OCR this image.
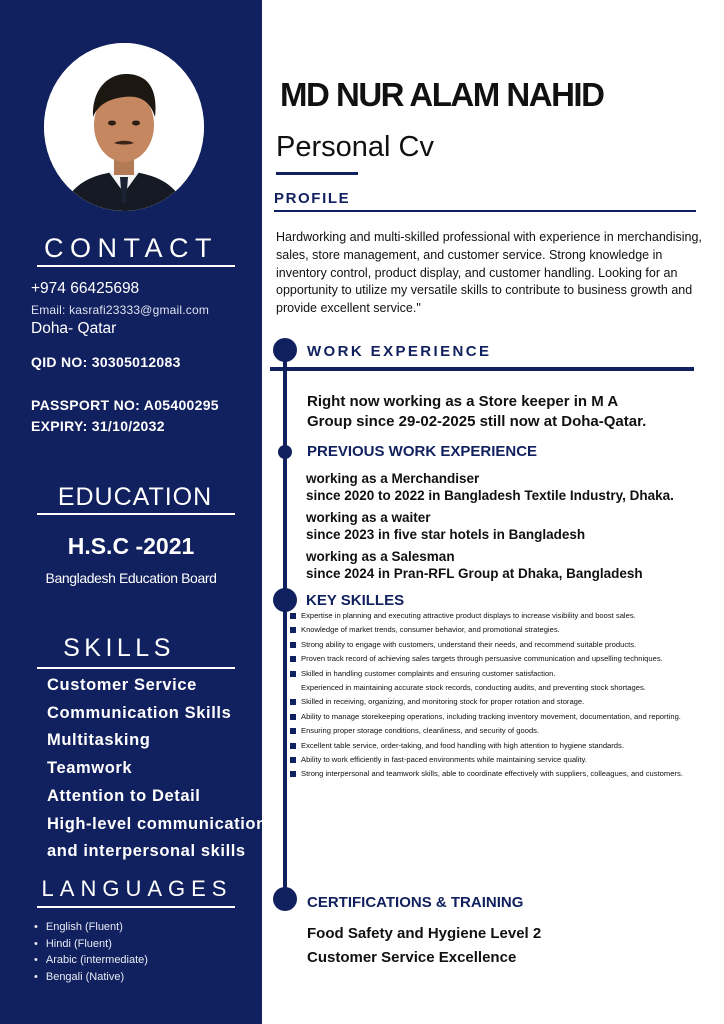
CONTACT
+974 66425698
Email: kasrafi23333@gmail.com
Doha- Qatar
QID NO: 30305012083
PASSPORT NO: A05400295
EXPIRY: 31/10/2032
EDUCATION
H.S.C -2021
Bangladesh Education Board
SKILLS
Customer Service
Communication Skills
Multitasking
Teamwork
Attention to Detail
High-level communication
and interpersonal skills
LANGUAGES
• English (Fluent)
• Hindi (Fluent)
• Arabic (intermediate)
• Bengali (Native)
MD NUR ALAM NAHID
Personal Cv
PROFILE
Hardworking and multi-skilled professional with experience in merchandising, sales, store management, and customer service. Strong knowledge in inventory control, product display, and customer handling. Looking for an opportunity to utilize my versatile skills to contribute to business growth and provide excellent service."
WORK EXPERIENCE
Right now working as a Store keeper in M A
Group since 29-02-2025 still now at Doha-Qatar.
PREVIOUS WORK EXPERIENCE
working as a Merchandiser
since 2020 to 2022 in Bangladesh Textile Industry, Dhaka.
working as a waiter
since 2023 in five star hotels in Bangladesh
working as a Salesman
since 2024 in Pran-RFL Group at Dhaka, Bangladesh
KEY SKILLES
Expertise in planning and executing attractive product displays to increase visibility and boost sales.
Knowledge of market trends, consumer behavior, and promotional strategies.
Strong ability to engage with customers, understand their needs, and recommend suitable products.
Proven track record of achieving sales targets through persuasive communication and upselling techniques.
Skilled in handling customer complaints and ensuring customer satisfaction.
Experienced in maintaining accurate stock records, conducting audits, and preventing stock shortages.
Skilled in receiving, organizing, and monitoring stock for proper rotation and storage.
Ability to manage storekeeping operations, including tracking inventory movement, documentation, and reporting.
Ensuring proper storage conditions, cleanliness, and security of goods.
Excellent table service, order-taking, and food handling with high attention to hygiene standards.
Ability to work efficiently in fast-paced environments while maintaining service quality.
Strong interpersonal and teamwork skills, able to coordinate effectively with suppliers, colleagues, and customers.
CERTIFICATIONS & TRAINING
Food Safety and Hygiene Level 2
Customer Service Excellence
